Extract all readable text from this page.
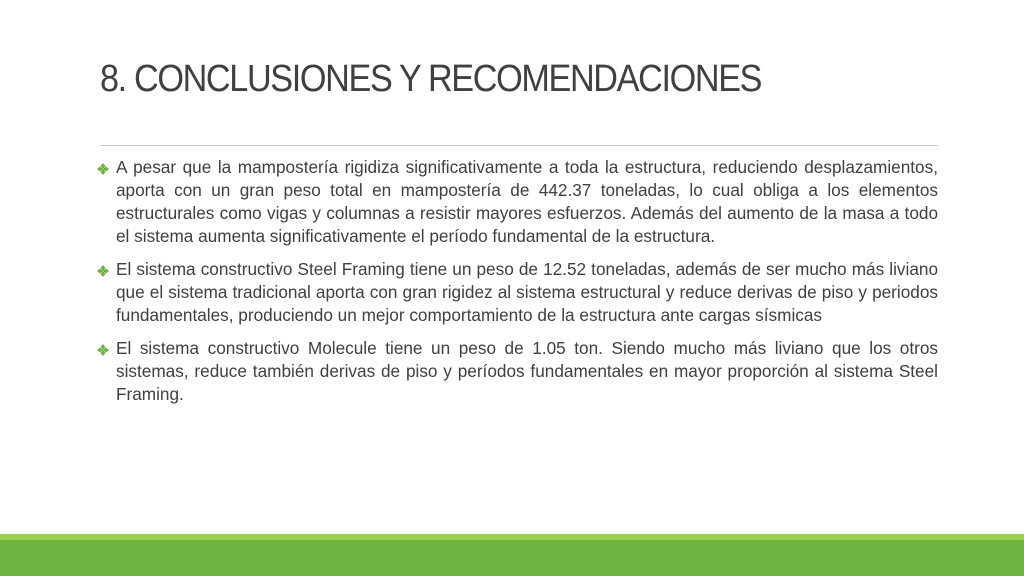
8. CONCLUSIONES Y RECOMENDACIONES
A pesar que la mampostería rigidiza significativamente a toda la estructura, reduciendo desplazamientos, aporta con un gran peso total en mampostería de 442.37 toneladas, lo cual obliga a los elementos estructurales como vigas y columnas a resistir mayores esfuerzos. Además del aumento de la masa a todo el sistema aumenta significativamente el período fundamental de la estructura.
El sistema constructivo Steel Framing tiene un peso de 12.52 toneladas, además de ser mucho más liviano que el sistema tradicional aporta con gran rigidez al sistema estructural y reduce derivas de piso y periodos fundamentales, produciendo un mejor comportamiento de la estructura ante cargas sísmicas
El sistema constructivo Molecule tiene un peso de 1.05 ton. Siendo mucho más liviano que los otros sistemas, reduce también derivas de piso y períodos fundamentales en mayor proporción al sistema Steel Framing.
